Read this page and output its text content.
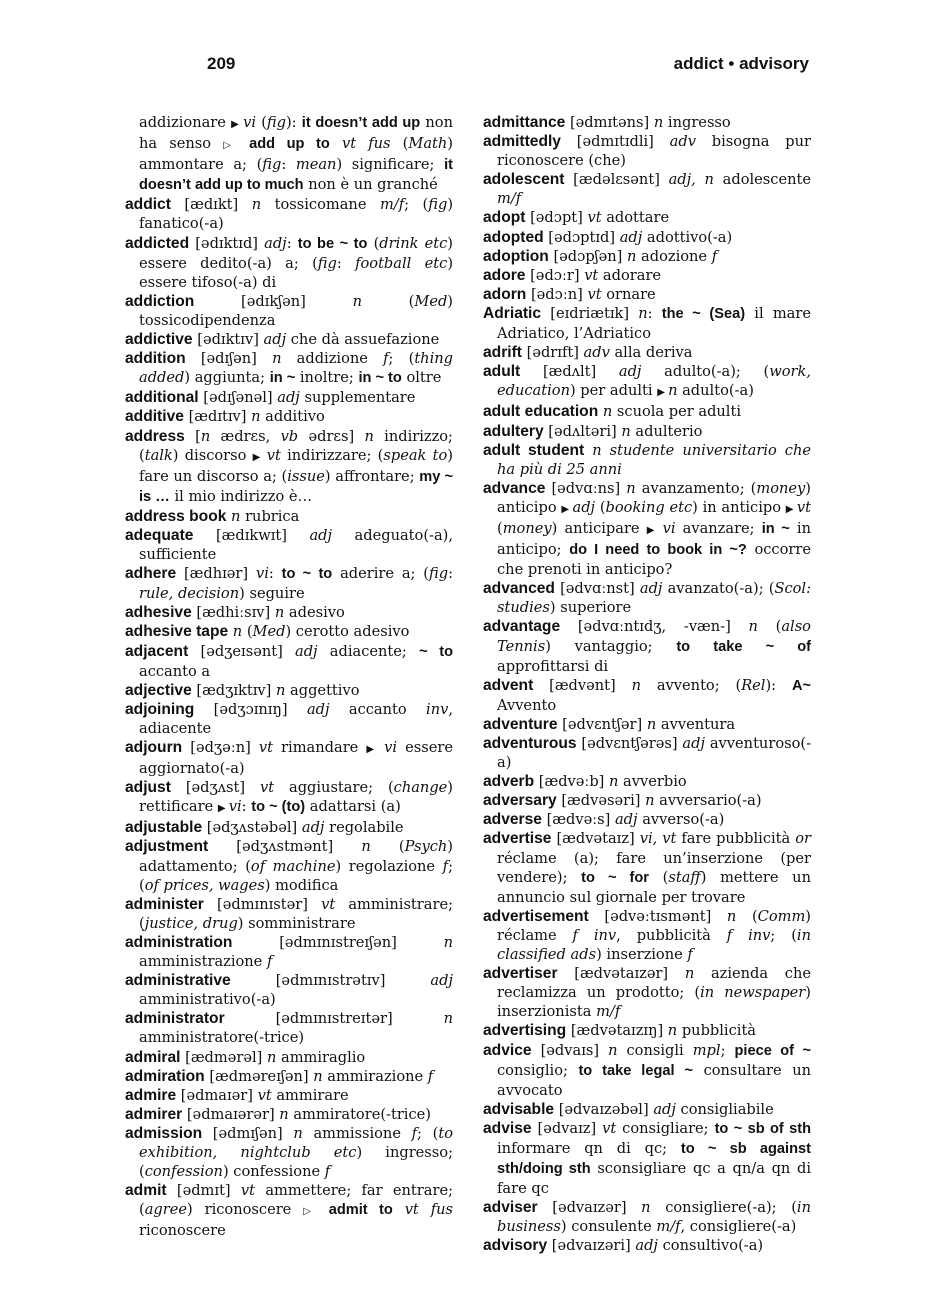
209	addict • advisory

addizionare ▶ vi (fig): it doesn’t add up non ha senso ▷ add up to vt fus (Math) ammontare a; (fig: mean) significare; it doesn’t add up to much non è un granché

addict [ædɪkt] n tossicomane m/f; (fig) fanatico(-a)

addicted [ədɪktɪd] adj: to be ~ to (drink etc) essere dedito(-a) a; (fig: football etc) essere tifoso(-a) di

addiction [ədɪkʃən] n (Med) tossicodipendenza

addictive [ədɪktɪv] adj che dà assuefazione

addition [ədɪʃən] n addizione f; (thing added) aggiunta; in ~ inoltre; in ~ to oltre

additional [ədɪʃənəl] adj supplementare

additive [ædɪtɪv] n additivo

address [n ædrɛs, vb ədrɛs] n indirizzo; (talk) discorso ▶ vt indirizzare; (speak to) fare un discorso a; (issue) affrontare; my ~ is … il mio indirizzo è…

address book n rubrica

adequate [ædɪkwɪt] adj adeguato(-a), sufficiente

adhere [ædhɪər] vi: to ~ to aderire a; (fig: rule, decision) seguire

adhesive [ædhiːsɪv] n adesivo

adhesive tape n (Med) cerotto adesivo

adjacent [ədʒeɪsənt] adj adiacente; ~ to accanto a

adjective [ædʒɪktɪv] n aggettivo

adjoining [ədʒɔɪnɪŋ] adj accanto inv, adiacente

adjourn [ədʒəːn] vt rimandare ▶ vi essere aggiornato(-a)

adjust [ədʒʌst] vt aggiustare; (change) rettificare ▶ vi: to ~ (to) adattarsi (a)

adjustable [ədʒʌstəbəl] adj regolabile

adjustment [ədʒʌstmənt] n (Psych) adattamento; (of machine) regolazione f; (of prices, wages) modifica

administer [ədmɪnɪstər] vt amministrare; (justice, drug) somministrare

administration [ədmɪnɪstreɪʃən] n amministrazione f

administrative [ədmɪnɪstrətɪv] adj amministrativo(-a)

administrator [ədmɪnɪstreɪtər] n amministratore(-trice)

admiral [ædmərəl] n ammiraglio

admiration [ædməreɪʃən] n ammirazione f

admire [ədmaɪər] vt ammirare

admirer [ədmaɪərər] n ammiratore(-trice)

admission [ədmɪʃən] n ammissione f; (to exhibition, nightclub etc) ingresso; (confession) confessione f

admit [ədmɪt] vt ammettere; far entrare; (agree) riconoscere ▷ admit to vt fus riconoscere

admittance [ədmɪtəns] n ingresso

admittedly [ədmɪtɪdli] adv bisogna pur riconoscere (che)

adolescent [ædəlɛsənt] adj, n adolescente m/f

adopt [ədɔpt] vt adottare

adopted [ədɔptɪd] adj adottivo(-a)

adoption [ədɔpʃən] n adozione f

adore [ədɔːr] vt adorare

adorn [ədɔːn] vt ornare

Adriatic [eɪdriætɪk] n: the ~ (Sea) il mare Adriatico, l’Adriatico

adrift [ədrɪft] adv alla deriva

adult [ædʌlt] adj adulto(-a); (work, education) per adulti ▶ n adulto(-a)

adult education n scuola per adulti

adultery [ədʌltəri] n adulterio

adult student n studente universitario che ha più di 25 anni

advance [ədvɑːns] n avanzamento; (money) anticipo ▶ adj (booking etc) in anticipo ▶ vt (money) anticipare ▶ vi avanzare; in ~ in anticipo; do I need to book in ~? occorre che prenoti in anticipo?

advanced [ədvɑːnst] adj avanzato(-a); (Scol: studies) superiore

advantage [ədvɑːntɪdʒ, -væn-] n (also Tennis) vantaggio; to take ~ of approfittarsi di

advent [ædvənt] n avvento; (Rel): A~ Avvento

adventure [ədvɛntʃər] n avventura

adventurous [ədvɛntʃərəs] adj avventuroso(-a)

adverb [ædvəːb] n avverbio

adversary [ædvəsəri] n avversario(-a)

adverse [ædvəːs] adj avverso(-a)

advertise [ædvətaɪz] vi, vt fare pubblicità or réclame (a); fare un’inserzione (per vendere); to ~ for (staff) mettere un annuncio sul giornale per trovare

advertisement [ədvəːtɪsmənt] n (Comm) réclame f inv, pubblicità f inv; (in classified ads) inserzione f

advertiser [ædvətaɪzər] n azienda che reclamizza un prodotto; (in newspaper) inserzionista m/f

advertising [ædvətaɪzɪŋ] n pubblicità

advice [ədvaɪs] n consigli mpl; piece of ~ consiglio; to take legal ~ consultare un avvocato

advisable [ədvaɪzəbəl] adj consigliabile

advise [ədvaɪz] vt consigliare; to ~ sb of sth informare qn di qc; to ~ sb against sth/doing sth sconsigliare qc a qn/a qn di fare qc

adviser [ədvaɪzər] n consigliere(-a); (in business) consulente m/f, consigliere(-a)

advisory [ədvaɪzəri] adj consultivo(-a)
